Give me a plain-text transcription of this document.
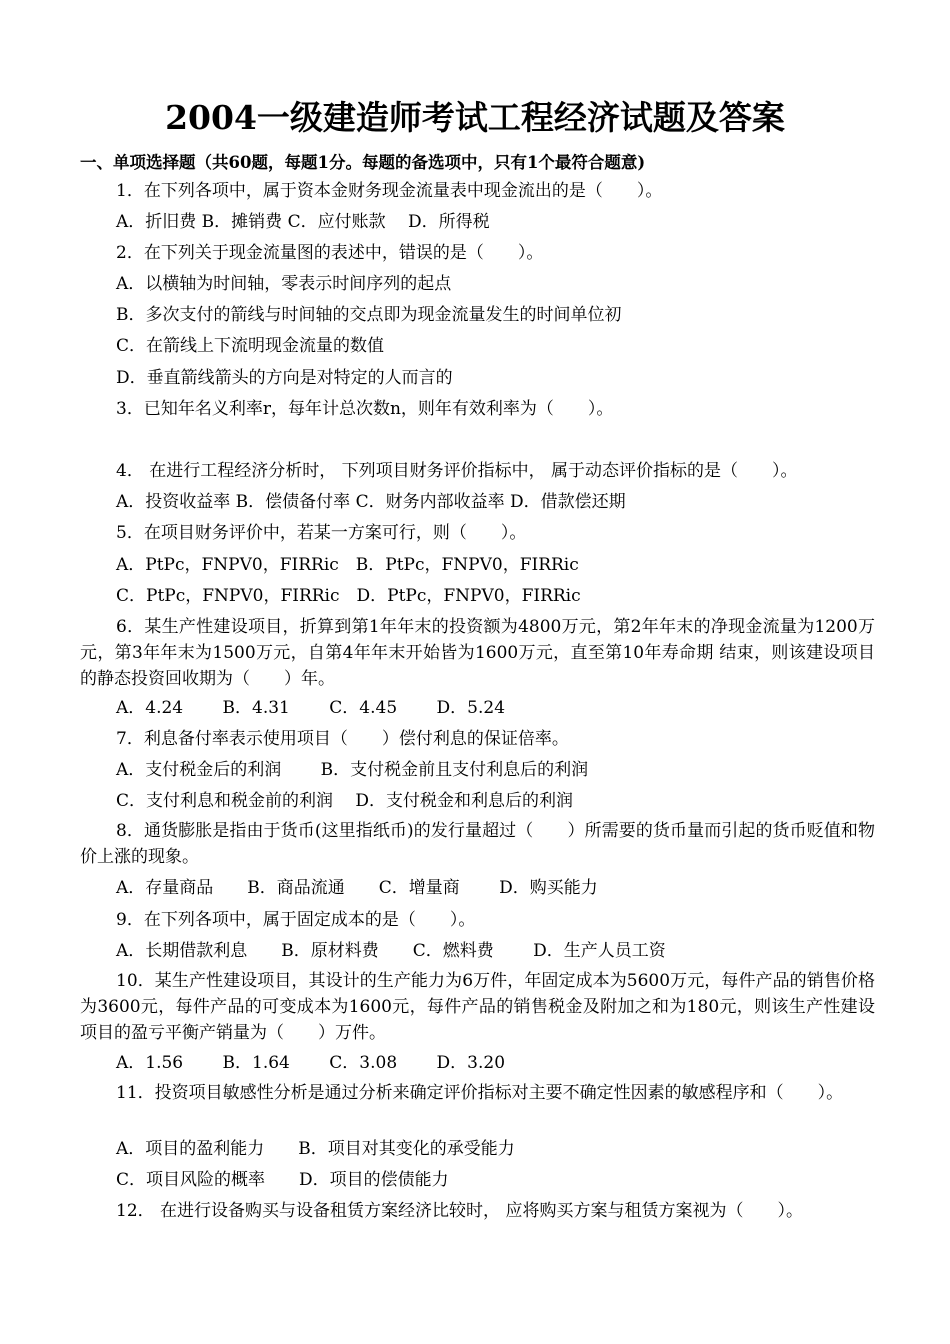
2004一级建造师考试工程经济试题及答案
一、单项选择题（共60题，每题1分。每题的备选项中，只有1个最符合题意)
1．在下列各项中，属于资本金财务现金流量表中现金流出的是（　　）。
A．折旧费 B．摊销费 C．应付账款　 D．所得税
2．在下列关于现金流量图的表述中，错误的是（　　）。
A．以横轴为时间轴，零表示时间序列的起点
B．多次支付的箭线与时间轴的交点即为现金流量发生的时间单位初
C．在箭线上下流明现金流量的数值
D．垂直箭线箭头的方向是对特定的人而言的
3．已知年名义利率r，每年计总次数n，则年有效利率为（　　）。
4． 在进行工程经济分析时， 下列项目财务评价指标中， 属于动态评价指标的是（　　）。
A．投资收益率 B．偿债备付率 C．财务内部收益率 D．借款偿还期
5．在项目财务评价中，若某一方案可行，则（　　）。
A．PtPc，FNPV0，FIRRic　B．PtPc，FNPV0，FIRRic
C．PtPc，FNPV0，FIRRic　D．PtPc，FNPV0，FIRRic
6．某生产性建设项目，折算到第1年年末的投资额为4800万元，第2年年末的净现金流量为1200万元，第3年年末为1500万元，自第4年年末开始皆为1600万元，直至第10年寿命期 结束，则该建设项目的静态投资回收期为（　　）年。
A．4.24　　 B．4.31　　 C．4.45　　 D．5.24
7．利息备付率表示使用项目（　　）偿付利息的保证倍率。
A．支付税金后的利润　　 B．支付税金前且支付利息后的利润
C．支付利息和税金前的利润　 D．支付税金和利息后的利润
8．通货膨胀是指由于货币(这里指纸币)的发行量超过（　　）所需要的货币量而引起的货币贬值和物价上涨的现象。
A．存量商品　　B．商品流通　　C．增量商　　 D．购买能力
9．在下列各项中，属于固定成本的是（　　）。
A．长期借款利息　　B．原材料费　　C．燃料费　　 D．生产人员工资
10．某生产性建设项目，其设计的生产能力为6万件，年固定成本为5600万元，每件产品的销售价格为3600元，每件产品的可变成本为1600元，每件产品的销售税金及附加之和为180元，则该生产性建设项目的盈亏平衡产销量为（　　）万件。
A．1.56　　 B．1.64　　 C．3.08　　 D．3.20
11．投资项目敏感性分析是通过分析来确定评价指标对主要不确定性因素的敏感程序和（　　）。
A．项目的盈利能力　　B．项目对其变化的承受能力
C．项目风险的概率　　D．项目的偿债能力
12． 在进行设备购买与设备租赁方案经济比较时， 应将购买方案与租赁方案视为（　　）。
